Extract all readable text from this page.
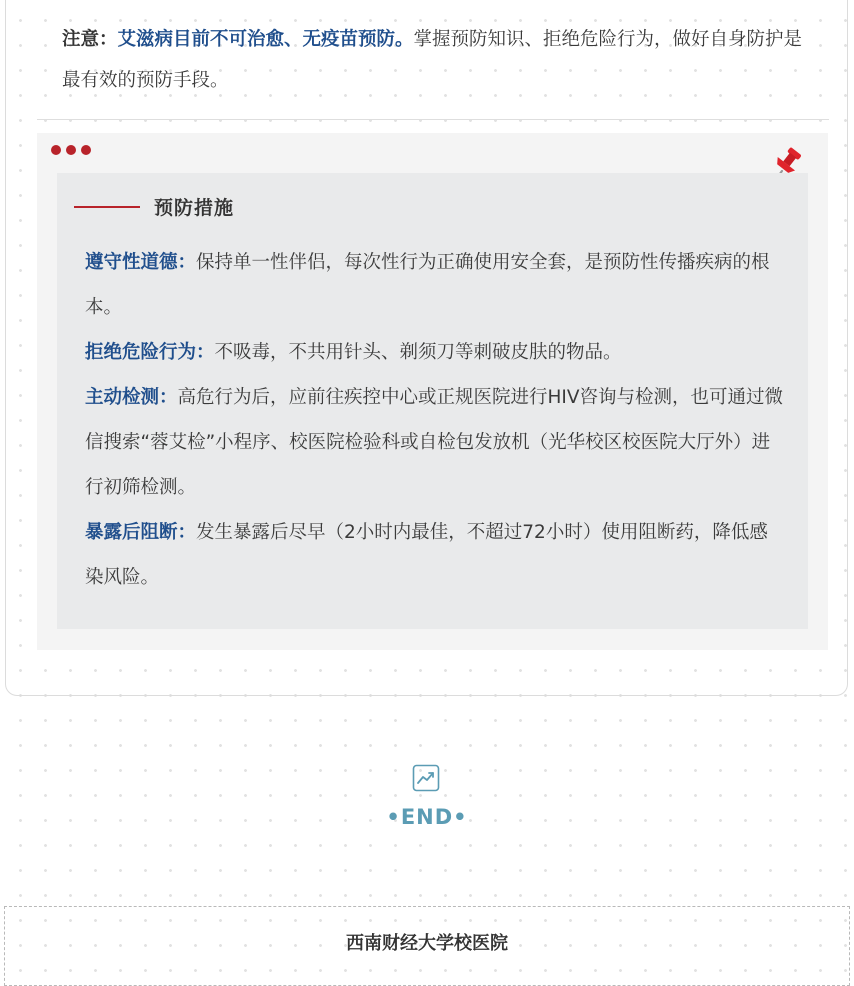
注意：艾滋病目前不可治愈、无疫苗预防。掌握预防知识、拒绝危险行为，做好自身防护是最有效的预防手段。

预防措施

遵守性道德：保持单一性伴侣，每次性行为正确使用安全套，是预防性传播疾病的根本。

拒绝危险行为：不吸毒，不共用针头、剃须刀等刺破皮肤的物品。

主动检测：高危行为后，应前往疾控中心或正规医院进行HIV咨询与检测，也可通过微信搜索“蓉艾检”小程序、校医院检验科或自检包发放机（光华校区校医院大厅外）进行初筛检测。

暴露后阻断：发生暴露后尽早（2小时内最佳，不超过72小时）使用阻断药，降低感染风险。

•END•
西南财经大学校医院
